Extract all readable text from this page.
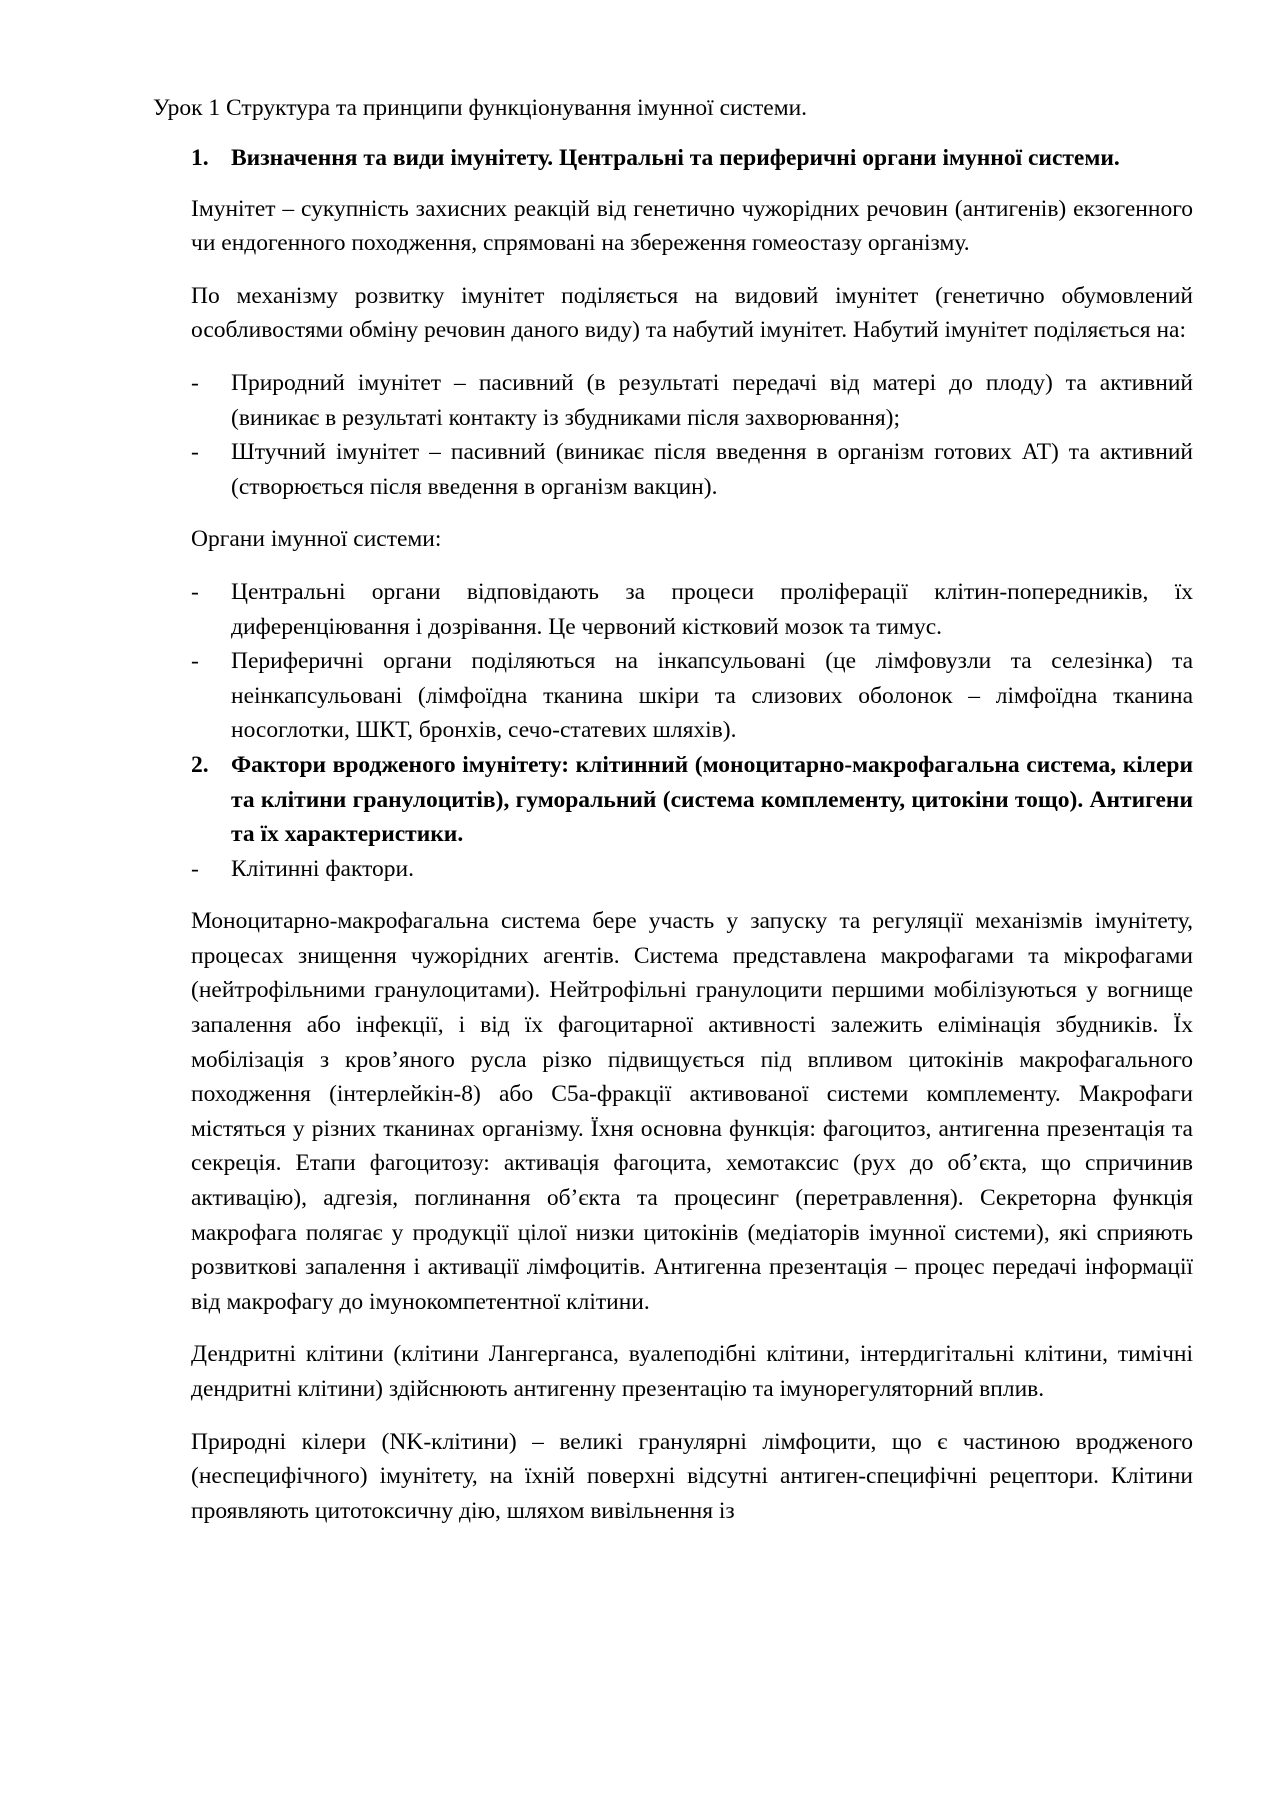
Урок 1 Структура та принципи функціонування імунної системи.

1. Визначення та види імунітету. Центральні та периферичні органи імунної системи.

Імунітет – сукупність захисних реакцій від генетично чужорідних речовин (антигенів) екзогенного чи ендогенного походження, спрямовані на збереження гомеостазу організму.

По механізму розвитку імунітет поділяється на видовий імунітет (генетично обумовлений особливостями обміну речовин даного виду) та набутий імунітет. Набутий імунітет поділяється на:

- Природний імунітет – пасивний (в результаті передачі від матері до плоду) та активний (виникає в результаті контакту із збудниками після захворювання);
- Штучний імунітет – пасивний (виникає після введення в організм готових АТ) та активний (створюється після введення в організм вакцин).

Органи імунної системи:

- Центральні органи відповідають за процеси проліферації клітин-попередників, їх диференціювання і дозрівання. Це червоний кістковий мозок та тимус.
- Периферичні органи поділяються на інкапсульовані (це лімфовузли та селезінка) та неінкапсульовані (лімфоїдна тканина шкіри та слизових оболонок – лімфоїдна тканина носоглотки, ШКТ, бронхів, сечо-статевих шляхів).

2. Фактори вродженого імунітету: клітинний (моноцитарно-макрофагальна система, кілери та клітини гранулоцитів), гуморальний (система комплементу, цитокіни тощо). Антигени та їх характеристики.

- Клітинні фактори.

Моноцитарно-макрофагальна система бере участь у запуску та регуляції механізмів імунітету, процесах знищення чужорідних агентів. Система представлена макрофагами та мікрофагами (нейтрофільними гранулоцитами). Нейтрофільні гранулоцити першими мобілізуються у вогнище запалення або інфекції, і від їх фагоцитарної активності залежить елімінація збудників. Їх мобілізація з кров’яного русла різко підвищується під впливом цитокінів макрофагального походження (інтерлейкін-8) або С5а-фракції активованої системи комплементу. Макрофаги містяться у різних тканинах організму. Їхня основна функція: фагоцитоз, антигенна презентація та секреція. Етапи фагоцитозу: активація фагоцита, хемотаксис (рух до об’єкта, що спричинив активацію), адгезія, поглинання об’єкта та процесинг (перетравлення). Секреторна функція макрофага полягає у продукції цілої низки цитокінів (медіаторів імунної системи), які сприяють розвиткові запалення і активації лімфоцитів. Антигенна презентація – процес передачі інформації від макрофагу до імунокомпетентної клітини.

Дендритні клітини (клітини Лангерганса, вуалеподібні клітини, інтердигітальні клітини, тимічні дендритні клітини) здійснюють антигенну презентацію та імунорегуляторний вплив.

Природні кілери (NK-клітини) – великі гранулярні лімфоцити, що є частиною вродженого (неспецифічного) імунітету, на їхній поверхні відсутні антиген-специфічні рецептори. Клітини проявляють цитотоксичну дію, шляхом вивільнення із
